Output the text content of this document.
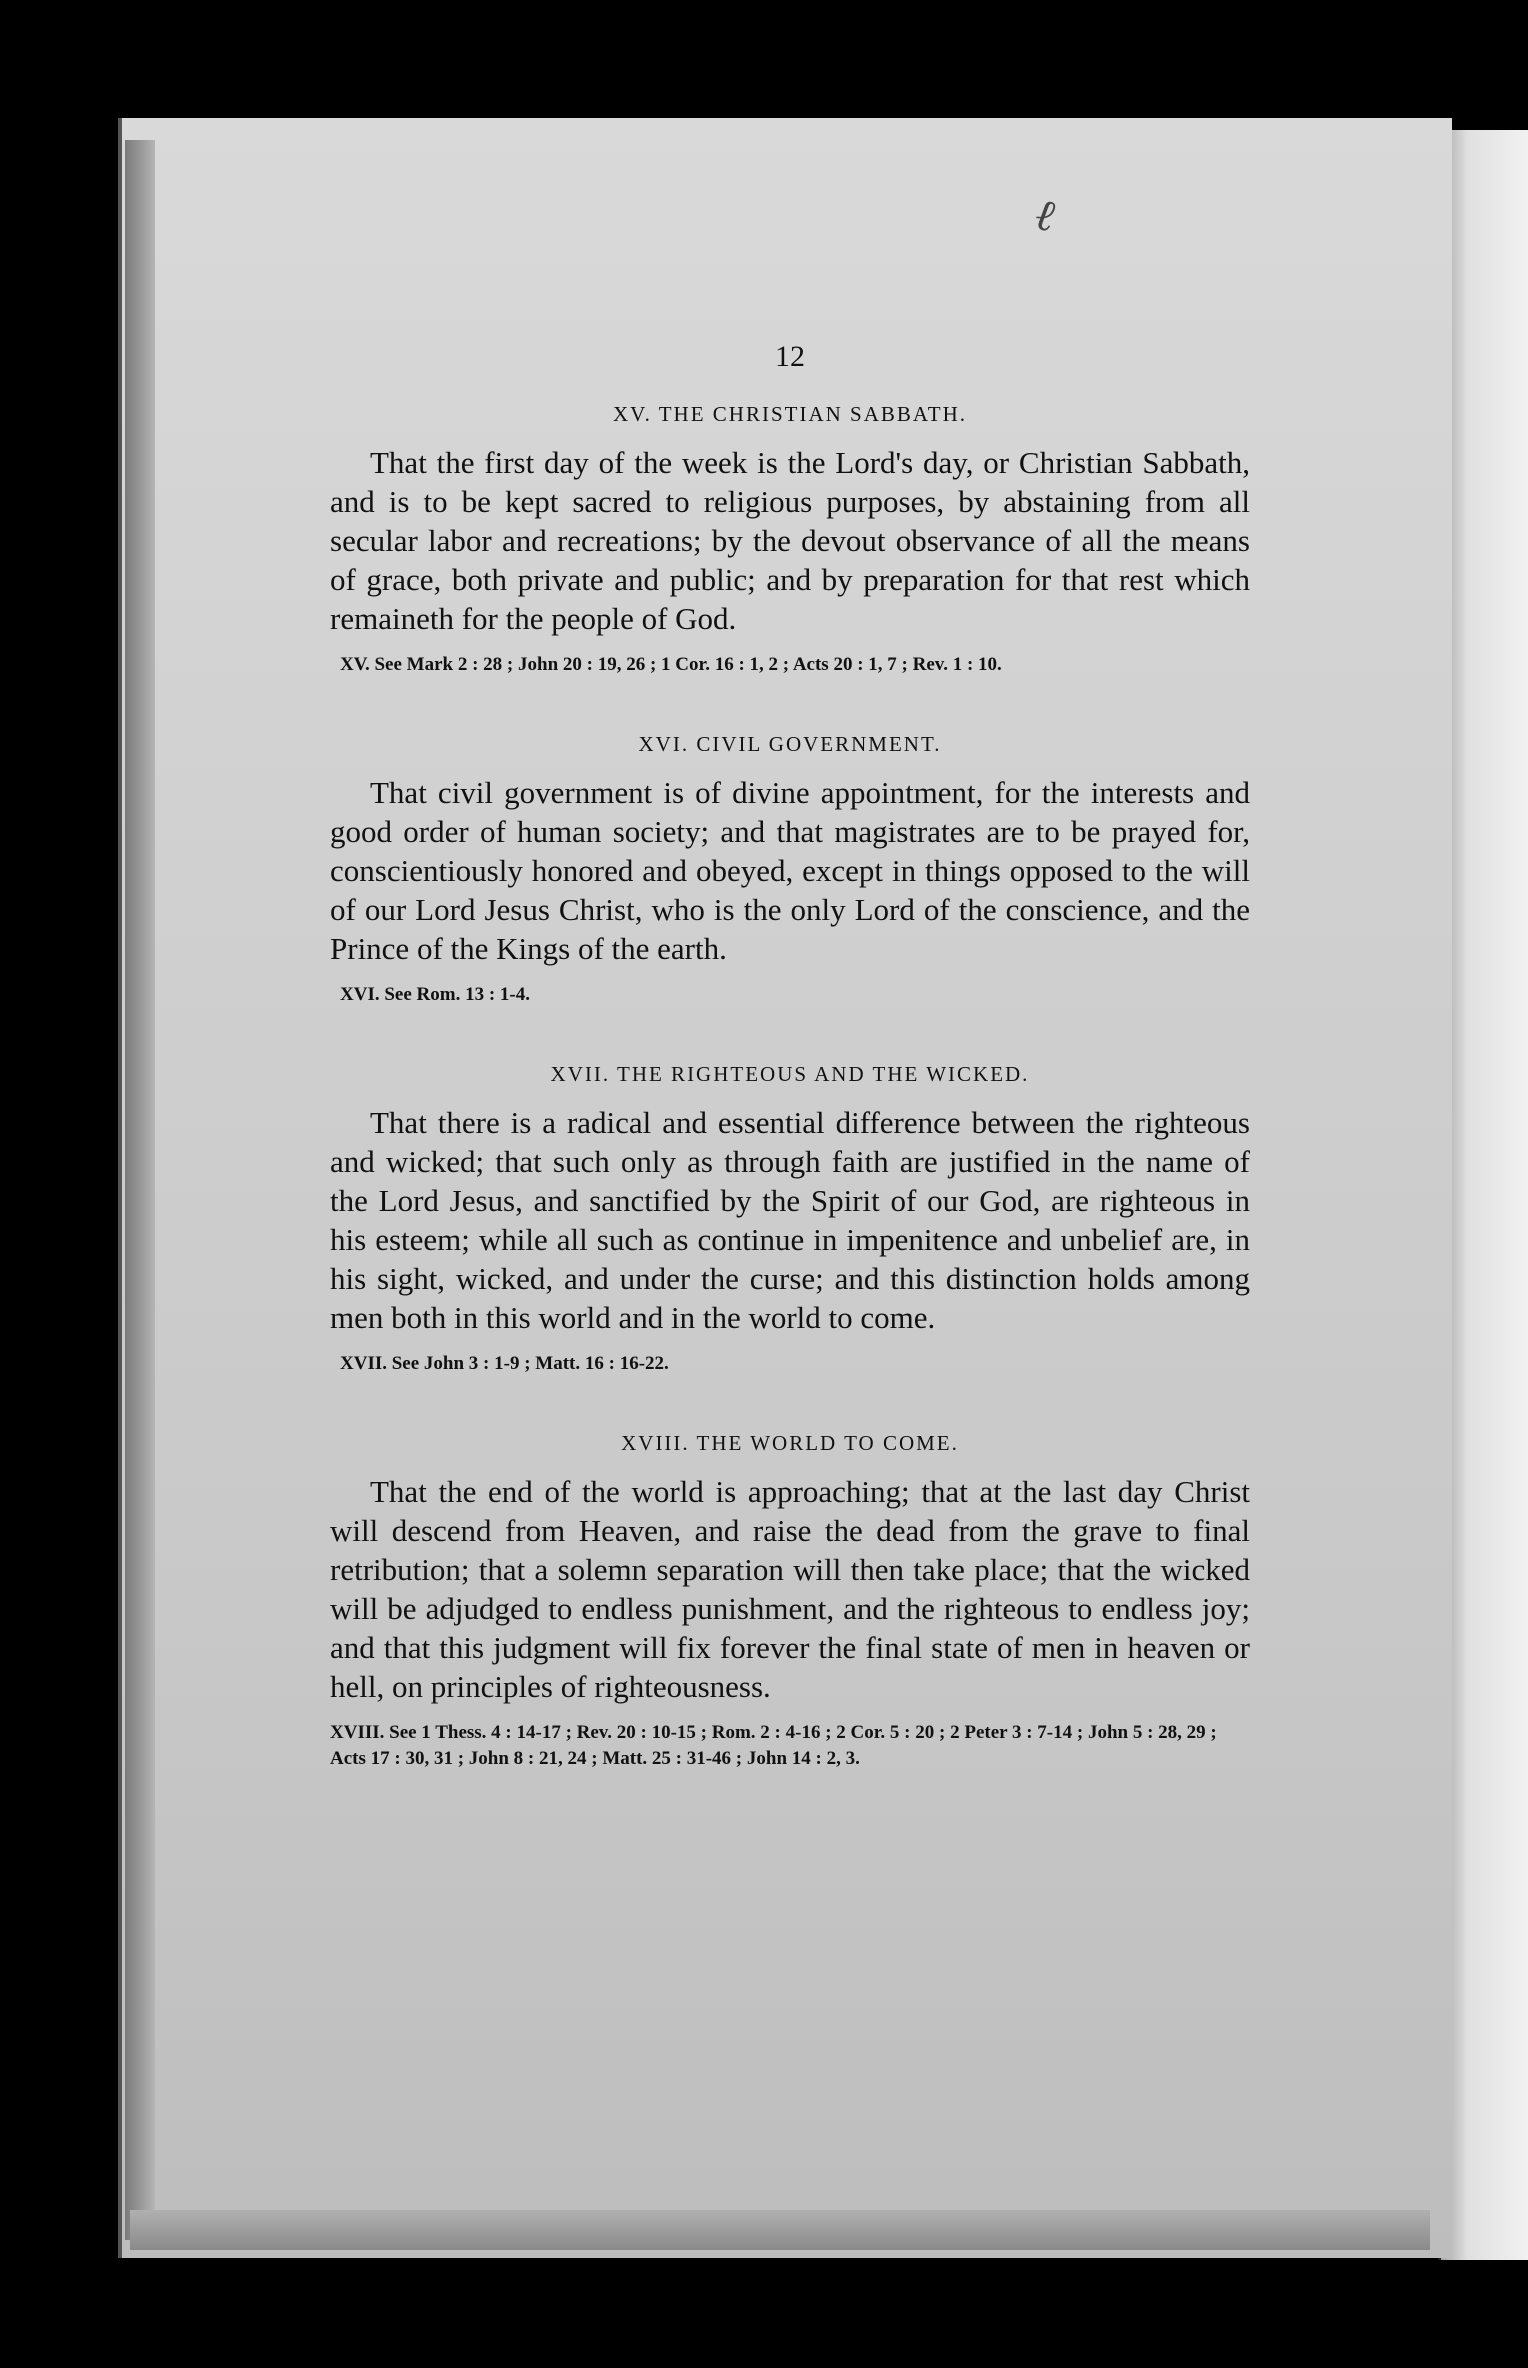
ℓ
12
XV. THE CHRISTIAN SABBATH.

That the first day of the week is the Lord's day, or Christian Sabbath, and is to be kept sacred to religious purposes, by abstaining from all secular labor and recreations; by the devout observance of all the means of grace, both private and public; and by preparation for that rest which remaineth for the people of God.

XV. See Mark 2 : 28 ; John 20 : 19, 26 ; 1 Cor. 16 : 1, 2 ; Acts 20 : 1, 7 ; Rev. 1 : 10.
XVI. CIVIL GOVERNMENT.

That civil government is of divine appointment, for the interests and good order of human society; and that magistrates are to be prayed for, conscientiously honored and obeyed, except in things opposed to the will of our Lord Jesus Christ, who is the only Lord of the conscience, and the Prince of the Kings of the earth.

XVI. See Rom. 13 : 1-4.
XVII. THE RIGHTEOUS AND THE WICKED.

That there is a radical and essential difference between the righteous and wicked; that such only as through faith are justified in the name of the Lord Jesus, and sanctified by the Spirit of our God, are righteous in his esteem; while all such as continue in impenitence and unbelief are, in his sight, wicked, and under the curse; and this distinction holds among men both in this world and in the world to come.

XVII. See John 3 : 1-9 ; Matt. 16 : 16-22.
XVIII. THE WORLD TO COME.

That the end of the world is approaching; that at the last day Christ will descend from Heaven, and raise the dead from the grave to final retribution; that a solemn separation will then take place; that the wicked will be adjudged to endless punishment, and the righteous to endless joy; and that this judgment will fix forever the final state of men in heaven or hell, on principles of righteousness.

XVIII. See 1 Thess. 4 : 14-17 ; Rev. 20 : 10-15 ; Rom. 2 : 4-16 ; 2 Cor. 5 : 20 ; 2 Peter 3 : 7-14 ; John 5 : 28, 29 ; Acts 17 : 30, 31 ; John 8 : 21, 24 ; Matt. 25 : 31-46 ; John 14 : 2, 3.
